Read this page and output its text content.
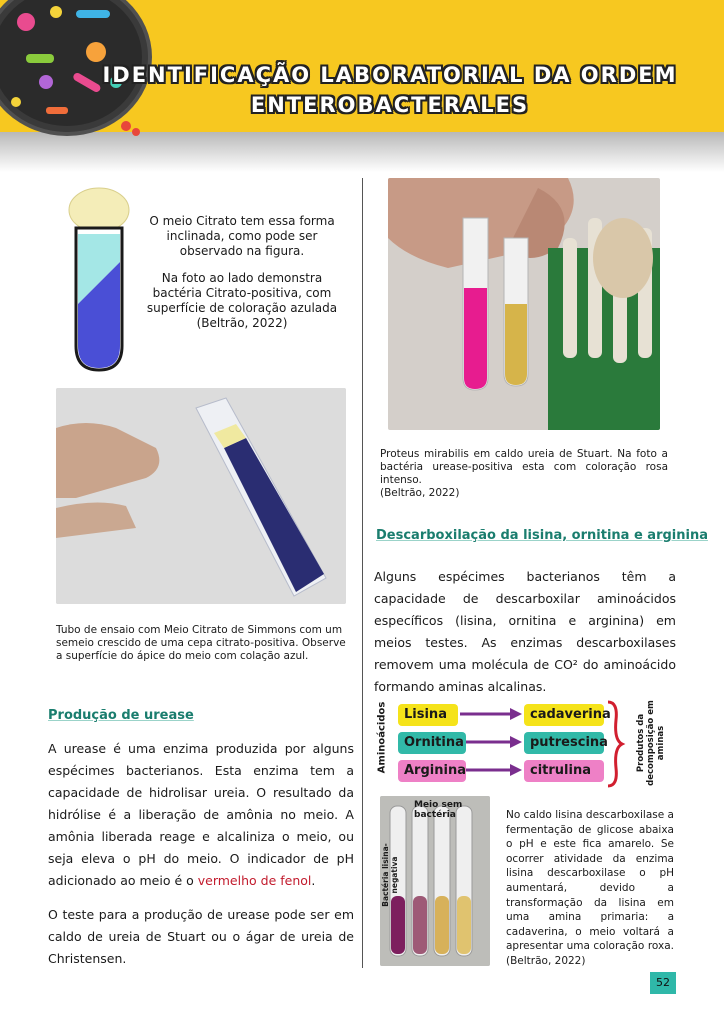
IDENTIFICAÇÃO LABORATORIAL DA ORDEM
ENTEROBACTERALES
O meio Citrato tem essa forma inclinada, como pode ser observado na figura.
Na foto ao lado demonstra bactéria Citrato-positiva, com superfície de coloração azulada (Beltrão, 2022)
Tubo de ensaio com Meio Citrato de Simmons com um semeio crescido de uma cepa citrato-positiva. Observe a superfície do ápice do meio com colação azul.
Produção de urease
A urease é uma enzima produzida por alguns espécimes bacterianos. Esta enzima tem a capacidade de hidrolisar ureia. O resultado da hidrólise é a liberação de amônia no meio. A amônia liberada reage e alcaliniza o meio, ou seja eleva o pH do meio. O indicador de pH adicionado ao meio é o vermelho de fenol.
O teste para a produção de urease pode ser em caldo de ureia de Stuart ou o ágar de ureia de Christensen.
Proteus mirabilis em caldo ureia de Stuart. Na foto a bactéria urease-positiva esta com coloração rosa intenso.
(Beltrão, 2022)
Descarboxilação da lisina, ornitina e arginina
Alguns espécimes bacterianos têm a capacidade de descarboxilar aminoácidos específicos (lisina, ornitina e arginina) em meios testes. As enzimas descarboxilases removem uma molécula de CO² do aminoácido formando aminas alcalinas.
Aminoácidos	Lisina
Ornitina
Arginina
cadaverina
putrescina
citrulina	Produtos da decomposição em aminas
Meio sem bactéria
Bactéria lisina-negativa
No caldo lisina descarboxilase a fermentação de glicose abaixa o pH e este fica amarelo. Se ocorrer atividade da enzima lisina descarboxilase o pH aumentará, devido a transformação da lisina em uma amina primaria: a cadaverina, o meio voltará a apresentar uma coloração roxa. (Beltrão, 2022)
52
